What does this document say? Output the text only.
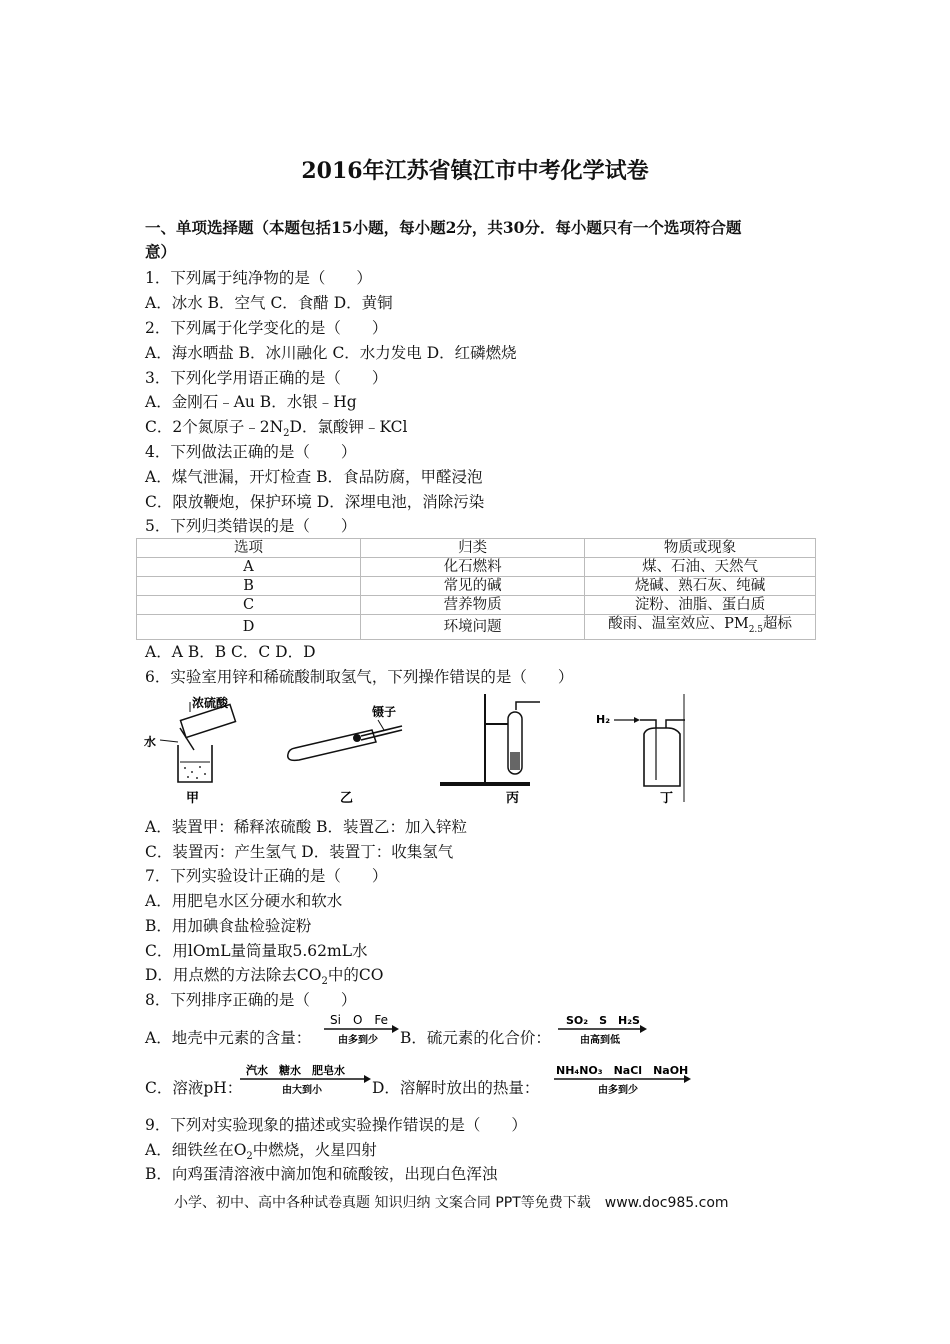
2016年江苏省镇江市中考化学试卷
一、单项选择题（本题包括15小题，每小题2分，共30分．每小题只有一个选项符合题
意）
1．下列属于纯净物的是（　　）
A．冰水 B．空气 C．食醋 D．黄铜
2．下列属于化学变化的是（　　）
A．海水晒盐 B．冰川融化 C．水力发电 D．红磷燃烧
3．下列化学用语正确的是（　　）
A．金刚石﹣Au B．水银﹣Hg
C．2个氮原子$﹣2N_2D$．氯酸钾﹣KCl
4．下列做法正确的是（　　）
A．煤气泄漏，开灯检查 B．食品防腐，甲醛浸泡
C．限放鞭炮，保护环境 D．深埋电池，消除污染
5．下列归类错误的是（　　）
选项	归类	物质或现象
A	化石燃料	煤、石油、天然气
B	常见的碱	烧碱、熟石灰、纯碱
C	营养物质	淀粉、油脂、蛋白质
D	环境问题	酸雨、温室效应、$PM_{2.5}$超标
A．A B．B C．C D．D
6．实验室用锌和稀硫酸制取氢气，下列操作错误的是（　　）
浓硫酸
水
甲
镊子
乙	丙
H₂
丁
A．装置甲：稀释浓硫酸 B．装置乙：加入锌粒
C．装置丙：产生氢气 D．装置丁：收集氢气
7．下列实验设计正确的是（　　）
A．用肥皂水区分硬水和软水
B．用加碘食盐检验淀粉
C．用lOmL量筒量取5.62mL水
D．用点燃的方法除去$CO_2$中的CO
8．下列排序正确的是（　　）
A．地壳中元素的含量：
Si　O　Fe
由多到少 B．硫元素的化合价：
SO₂　S　H₂S
由高到低
C．溶液pH：
汽水　糖水　肥皂水
由大到小	D．溶解时放出的热量：
NH₄NO₃　NaCl　NaOH
由多到少
9．下列对实验现象的描述或实验操作错误的是（　　）
A．细铁丝在$O_2$中燃烧，火星四射
B．向鸡蛋清溶液中滴加饱和硫酸铵，出现白色浑浊
小学、初中、高中各种试卷真题 知识归纳 文案合同 PPT等免费下载　www.doc985.com
